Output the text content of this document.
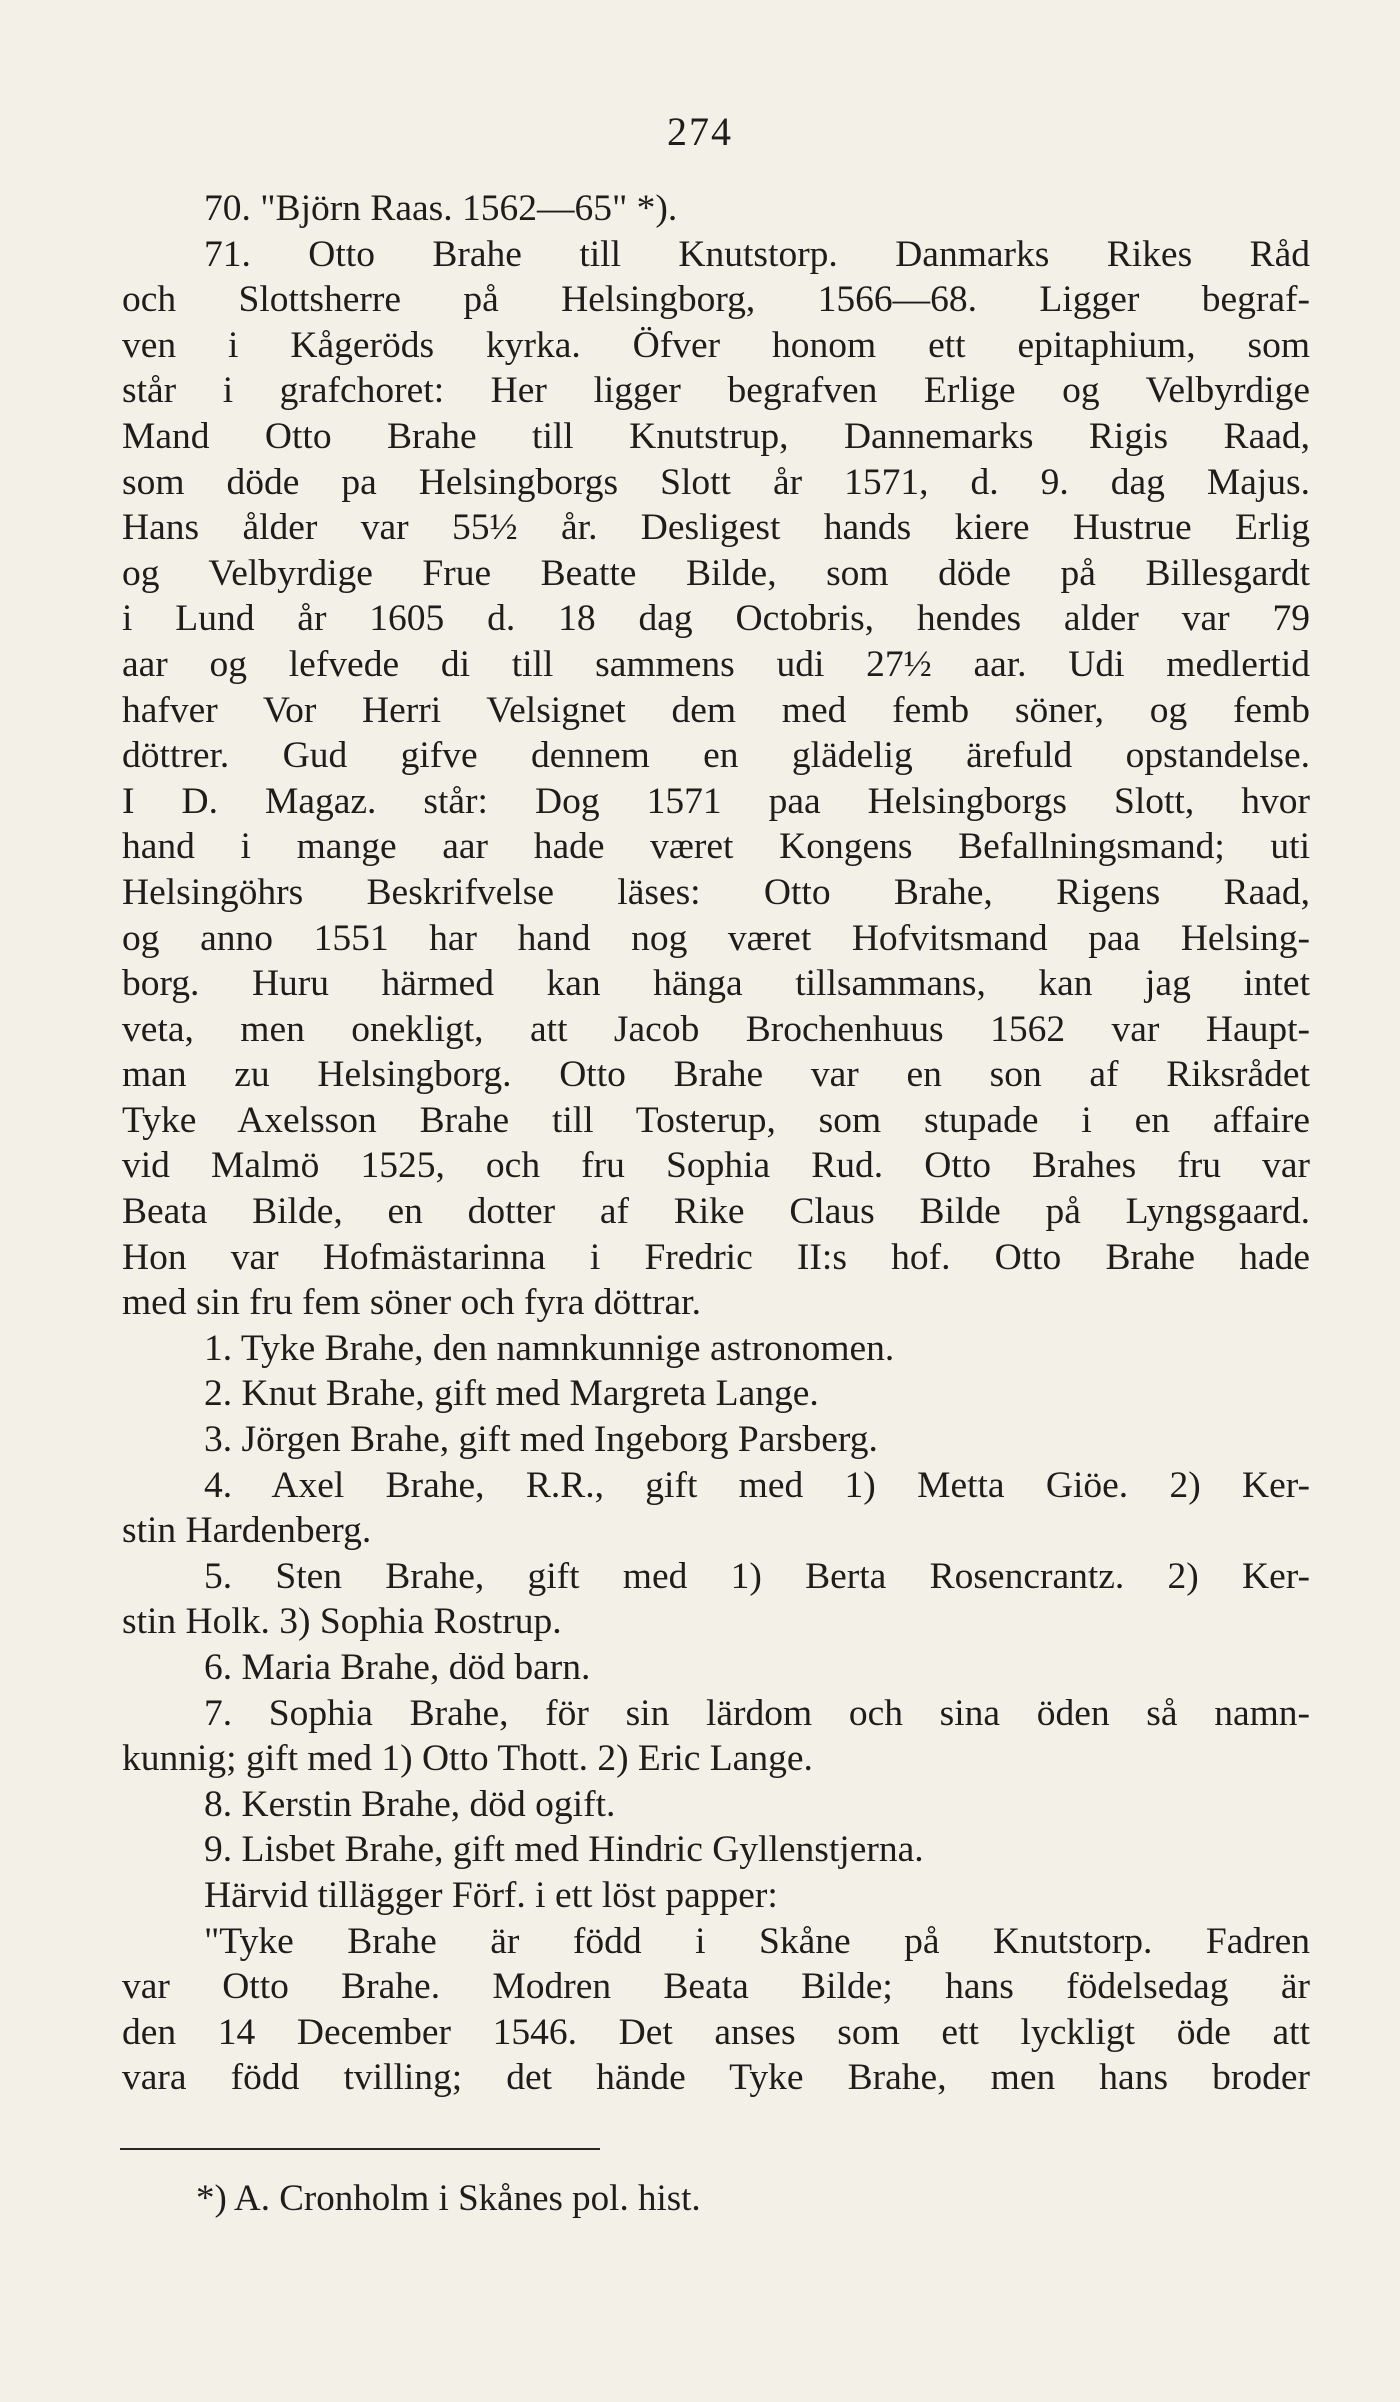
274
70. "Björn Raas. 1562—65" *).
71. Otto Brahe till Knutstorp. Danmarks Rikes Råd
och Slottsherre på Helsingborg, 1566—68. Ligger begraf-
ven i Kågeröds kyrka. Öfver honom ett epitaphium, som
står i grafchoret: Her ligger begrafven Erlige og Velbyrdige
Mand Otto Brahe till Knutstrup, Dannemarks Rigis Raad,
som döde pa Helsingborgs Slott år 1571, d. 9. dag Majus.
Hans ålder var 55½ år. Desligest hands kiere Hustrue Erlig
og Velbyrdige Frue Beatte Bilde, som döde på Billesgardt
i Lund år 1605 d. 18 dag Octobris, hendes alder var 79
aar og lefvede di till sammens udi 27½ aar. Udi medlertid
hafver Vor Herri Velsignet dem med femb söner, og femb
döttrer. Gud gifve dennem en glädelig ärefuld opstandelse.
I D. Magaz. står: Dog 1571 paa Helsingborgs Slott, hvor
hand i mange aar hade været Kongens Befallningsmand; uti
Helsingöhrs Beskrifvelse läses: Otto Brahe, Rigens Raad,
og anno 1551 har hand nog været Hofvitsmand paa Helsing-
borg. Huru härmed kan hänga tillsammans, kan jag intet
veta, men onekligt, att Jacob Brochenhuus 1562 var Haupt-
man zu Helsingborg. Otto Brahe var en son af Riksrådet
Tyke Axelsson Brahe till Tosterup, som stupade i en affaire
vid Malmö 1525, och fru Sophia Rud. Otto Brahes fru var
Beata Bilde, en dotter af Rike Claus Bilde på Lyngsgaard.
Hon var Hofmästarinna i Fredric II:s hof. Otto Brahe hade
med sin fru fem söner och fyra döttrar.
1. Tyke Brahe, den namnkunnige astronomen.
2. Knut Brahe, gift med Margreta Lange.
3. Jörgen Brahe, gift med Ingeborg Parsberg.
4. Axel Brahe, R.R., gift med 1) Metta Giöe. 2) Ker-
stin Hardenberg.
5. Sten Brahe, gift med 1) Berta Rosencrantz. 2) Ker-
stin Holk. 3) Sophia Rostrup.
6. Maria Brahe, död barn.
7. Sophia Brahe, för sin lärdom och sina öden så namn-
kunnig; gift med 1) Otto Thott. 2) Eric Lange.
8. Kerstin Brahe, död ogift.
9. Lisbet Brahe, gift med Hindric Gyllenstjerna.
Härvid tillägger Förf. i ett löst papper:
"Tyke Brahe är född i Skåne på Knutstorp. Fadren
var Otto Brahe. Modren Beata Bilde; hans födelsedag är
den 14 December 1546. Det anses som ett lyckligt öde att
vara född tvilling; det hände Tyke Brahe, men hans broder
*) A. Cronholm i Skånes pol. hist.
